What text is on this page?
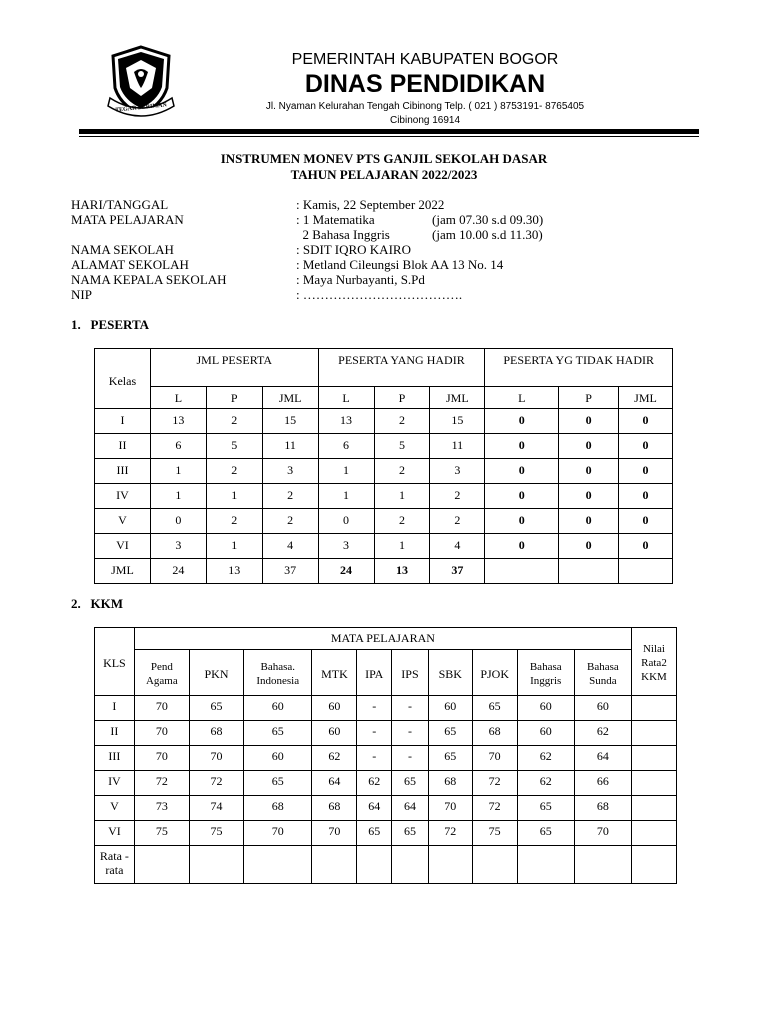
TEGAR BERIMAN
PEMERINTAH KABUPATEN BOGOR
DINAS PENDIDIKAN
Jl. Nyaman Kelurahan Tengah Cibinong Telp. ( 021 ) 8753191- 8765405
Cibinong 16914
INSTRUMEN MONEV PTS GANJIL SEKOLAH DASAR
TAHUN PELAJARAN 2022/2023
HARI/TANGGAL	: Kamis, 22 September 2022
MATA PELAJARAN	: 1 Matematika	(jam 07.30 s.d 09.30)
2 Bahasa Inggris	(jam 10.00 s.d 11.30)
NAMA SEKOLAH	: SDIT IQRO KAIRO
ALAMAT SEKOLAH	: Metland Cileungsi Blok AA 13 No. 14
NAMA KEPALA SEKOLAH	: Maya Nurbayanti, S.Pd
NIP	: ……………………………….
1.   PESERTA
Kelas	JML PESERTA			PESERTA YANG HADIR			PESERTA YG TIDAK HADIR		
	L	P	JML	L	P	JML	L	P	JML
I	13	2	15	13	2	15	0	0	0
II	6	5	11	6	5	11	0	0	0
III	1	2	3	1	2	3	0	0	0
IV	1	1	2	1	1	2	0	0	0
V	0	2	2	0	2	2	0	0	0
VI	3	1	4	3	1	4	0	0	0
JML	24	13	37	24	13	37			
2.   KKM
KLS	MATA PELAJARAN										Nilai Rata2 KKM
	Pend Agama	PKN	Bahasa. Indonesia	MTK	IPA	IPS	SBK	PJOK	Bahasa Inggris	Bahasa Sunda	
I	70	65	60	60	-	-	60	65	60	60	
II	70	68	65	60	-	-	65	68	60	62	
III	70	70	60	62	-	-	65	70	62	64	
IV	72	72	65	64	62	65	68	72	62	66	
V	73	74	68	68	64	64	70	72	65	68	
VI	75	75	70	70	65	65	72	75	65	70	
Rata -rata											
